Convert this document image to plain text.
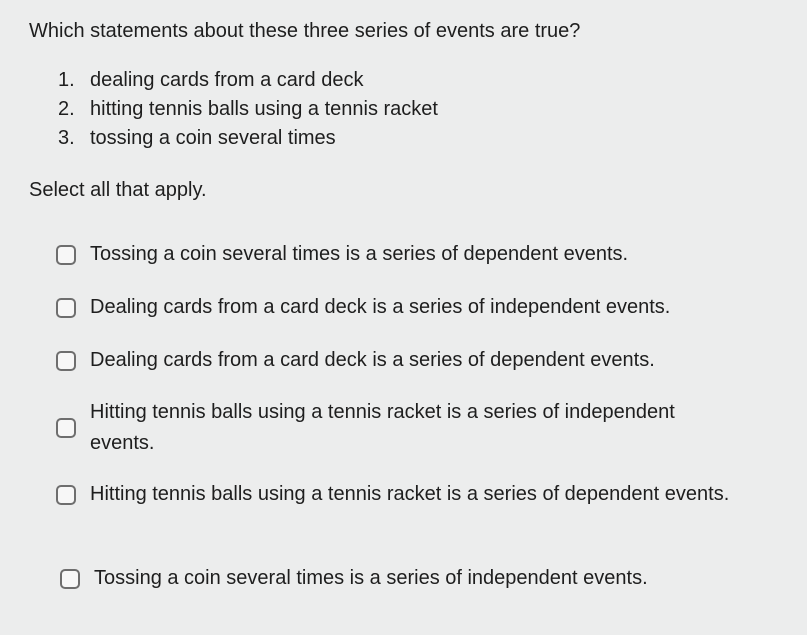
Which statements about these three series of events are true?
1. dealing cards from a card deck
2. hitting tennis balls using a tennis racket
3. tossing a coin several times
Select all that apply.
Tossing a coin several times is a series of dependent events.
Dealing cards from a card deck is a series of independent events.
Dealing cards from a card deck is a series of dependent events.
Hitting tennis balls using a tennis racket is a series of independent events.
Hitting tennis balls using a tennis racket is a series of dependent events.
Tossing a coin several times is a series of independent events.
